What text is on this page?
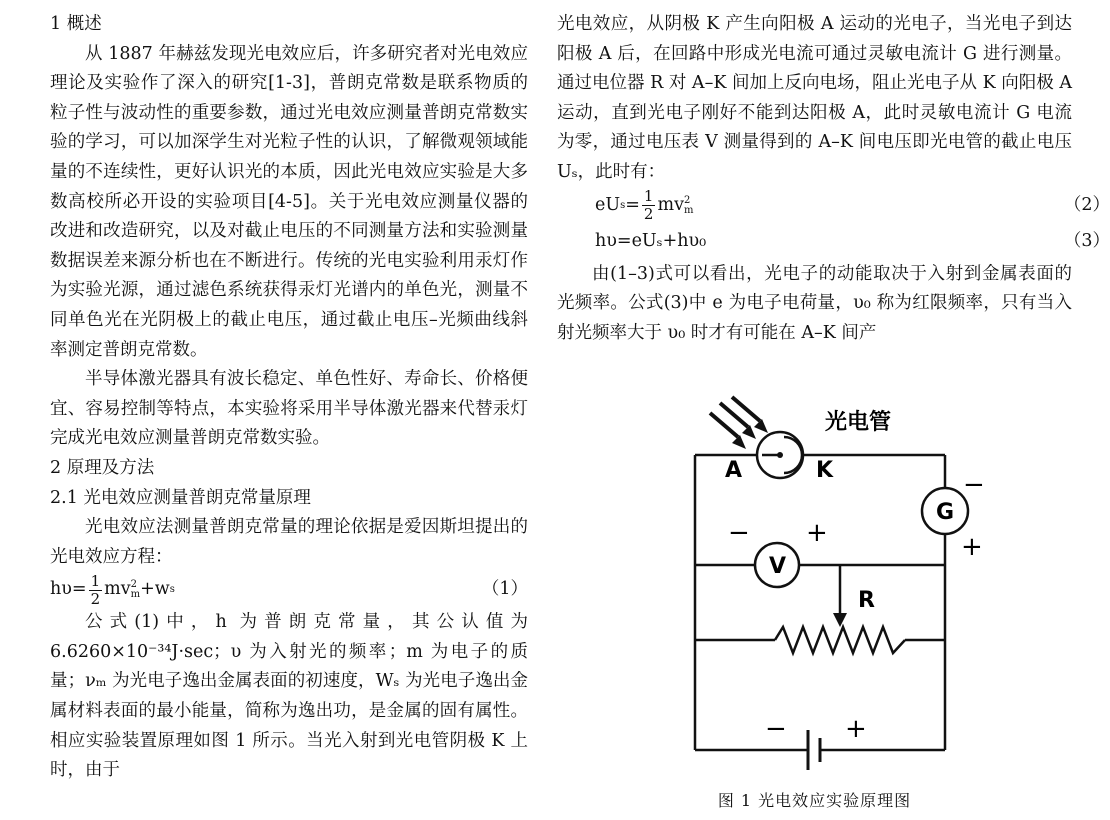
1 概述

从 1887 年赫兹发现光电效应后，许多研究者对光电效应理论及实验作了深入的研究[1-3]，普朗克常数是联系物质的粒子性与波动性的重要参数，通过光电效应测量普朗克常数实验的学习，可以加深学生对光粒子性的认识，了解微观领域能量的不连续性，更好认识光的本质，因此光电效应实验是大多数高校所必开设的实验项目[4-5]。关于光电效应测量仪器的改进和改造研究，以及对截止电压的不同测量方法和实验测量数据误差来源分析也在不断进行。传统的光电实验利用汞灯作为实验光源，通过滤色系统获得汞灯光谱内的单色光，测量不同单色光在光阴极上的截止电压，通过截止电压–光频曲线斜率测定普朗克常数。

半导体激光器具有波长稳定、单色性好、寿命长、价格便宜、容易控制等特点，本实验将采用半导体激光器来代替汞灯完成光电效应测量普朗克常数实验。

2 原理及方法

2.1 光电效应测量普朗克常量原理

光电效应法测量普朗克常量的理论依据是爱因斯坦提出的光电效应方程：

$h\upsilon= \frac{1}{2}$ mv 2
m +w s	（1）

公式(1)中，h 为普朗克常量，其公认值为 6.6260×10⁻³⁴J·sec；υ 为入射光的频率；m 为电子的质量；νₘ 为光电子逸出金属表面的初速度，Wₛ 为光电子逸出金属材料表面的最小能量，简称为逸出功，是金属的固有属性。相应实验装置原理如图 1 所示。当光入射到光电管阴极 K 上时，由于

光电效应，从阴极 K 产生向阳极 A 运动的光电子，当光电子到达阳极 A 后，在回路中形成光电流可通过灵敏电流计 G 进行测量。通过电位器 R 对 A–K 间加上反向电场，阻止光电子从 K 向阳极 A 运动，直到光电子刚好不能到达阳极 A，此时灵敏电流计 G 电流为零，通过电压表 V 测量得到的 A–K 间电压即光电管的截止电压 Uₛ，此时有：

eU $s = \frac{1}{2}$ mv 2
m	（2）
hυ=eUₛ+hυ₀	（3）

由(1–3)式可以看出，光电子的动能取决于入射到金属表面的光频率。公式(3)中 e 为电子电荷量，υ₀ 称为红限频率，只有当入射光频率大于 υ₀ 时才有可能在 A–K 间产

光电管
A	K
G
V
R
−
+
− +
− +
图 1 光电效应实验原理图
